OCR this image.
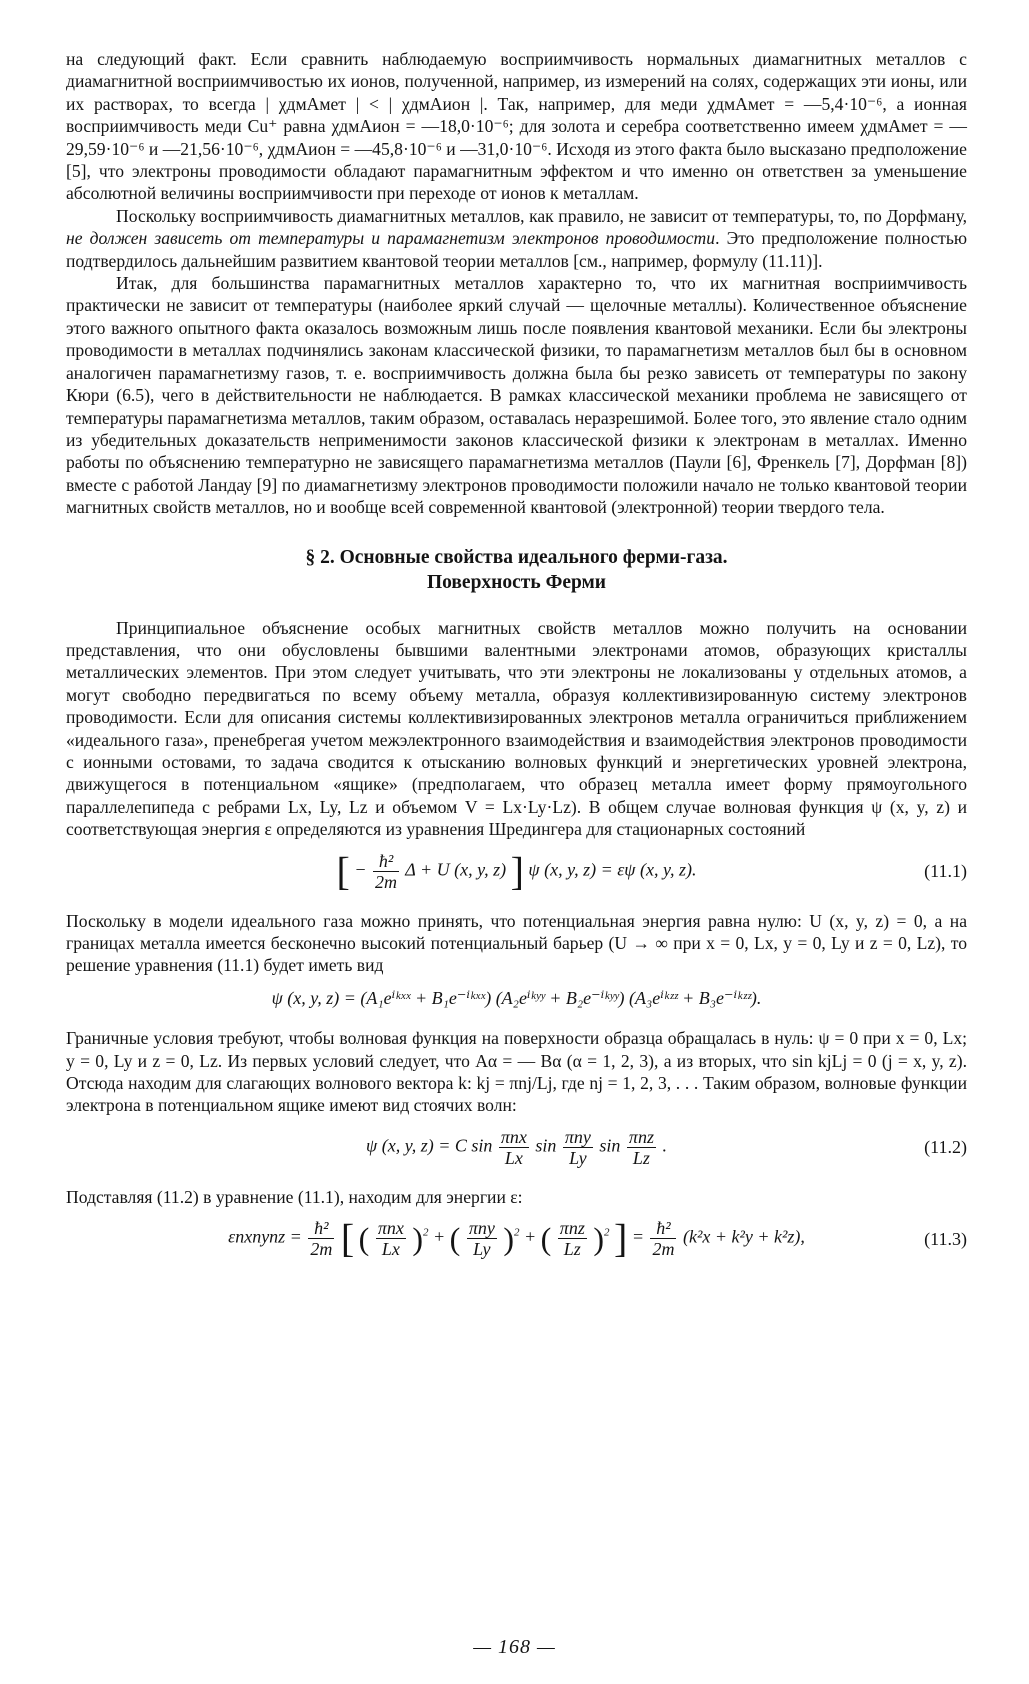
на следующий факт. Если сравнить наблюдаемую восприимчивость нормальных диамагнитных металлов с диамагнитной восприимчивостью их ионов, полученной, например, из измерений на солях, содержащих эти ионы, или их растворах, то всегда | χдмAмет | < | χдмAион |. Так, например, для меди χдмAмет = —5,4·10⁻⁶, а ионная восприимчивость меди Cu⁺ равна χдмAион = —18,0·10⁻⁶; для золота и серебра соответственно имеем χдмAмет = —29,59·10⁻⁶ и —21,56·10⁻⁶, χдмAион = —45,8·10⁻⁶ и —31,0·10⁻⁶. Исходя из этого факта было высказано предположение [5], что электроны проводимости обладают парамагнитным эффектом и что именно он ответствен за уменьшение абсолютной величины восприимчивости при переходе от ионов к металлам.

Поскольку восприимчивость диамагнитных металлов, как правило, не зависит от температуры, то, по Дорфману, не должен зависеть от температуры и парамагнетизм электронов проводимости. Это предположение полностью подтвердилось дальнейшим развитием квантовой теории металлов [см., например, формулу (11.11)].

Итак, для большинства парамагнитных металлов характерно то, что их магнитная восприимчивость практически не зависит от температуры (наиболее яркий случай — щелочные металлы). Количественное объяснение этого важного опытного факта оказалось возможным лишь после появления квантовой механики. Если бы электроны проводимости в металлах подчинялись законам классической физики, то парамагнетизм металлов был бы в основном аналогичен парамагнетизму газов, т. е. восприимчивость должна была бы резко зависеть от температуры по закону Кюри (6.5), чего в действительности не наблюдается. В рамках классической механики проблема не зависящего от температуры парамагнетизма металлов, таким образом, оставалась неразрешимой. Более того, это явление стало одним из убедительных доказательств неприменимости законов классической физики к электронам в металлах. Именно работы по объяснению температурно не зависящего парамагнетизма металлов (Паули [6], Френкель [7], Дорфман [8]) вместе с работой Ландау [9] по диамагнетизму электронов проводимости положили начало не только квантовой теории магнитных свойств металлов, но и вообще всей современной квантовой (электронной) теории твердого тела.

§ 2. Основные свойства идеального ферми-газа.
Поверхность Ферми

Принципиальное объяснение особых магнитных свойств металлов можно получить на основании представления, что они обусловлены бывшими валентными электронами атомов, образующих кристаллы металлических элементов. При этом следует учитывать, что эти электроны не локализованы у отдельных атомов, а могут свободно передвигаться по всему объему металла, образуя коллективизированную систему электронов проводимости. Если для описания системы коллективизированных электронов металла ограничиться приближением «идеального газа», пренебрегая учетом межэлектронного взаимодействия и взаимодействия электронов проводимости с ионными остовами, то задача сводится к отысканию волновых функций и энергетических уровней электрона, движущегося в потенциальном «ящике» (предполагаем, что образец металла имеет форму прямоугольного параллелепипеда с ребрами Lx, Ly, Lz и объемом V = Lx·Ly·Lz). В общем случае волновая функция ψ (x, y, z) и соответствующая энергия ε определяются из уравнения Шредингера для стационарных состояний

[ − $\frac{\text{ħ²}}{2m}$ Δ + U (x, y, z) ] ψ (x, y, z) = εψ (x, y, z).	(11.1)

Поскольку в модели идеального газа можно принять, что потенциальная энергия равна нулю: U (x, y, z) = 0, а на границах металла имеется бесконечно высокий потенциальный барьер (U → ∞ при x = 0, Lx, y = 0, Ly и z = 0, Lz), то решение уравнения (11.1) будет иметь вид

ψ (x, y, z) = (A₁eⁱᵏˣˣ + B₁e⁻ⁱᵏˣˣ) (A₂eⁱᵏʸʸ + B₂e⁻ⁱᵏʸʸ) (A₃eⁱᵏᶻᶻ + B₃e⁻ⁱᵏᶻᶻ).

Граничные условия требуют, чтобы волновая функция на поверхности образца обращалась в нуль: ψ = 0 при x = 0, Lx; y = 0, Ly и z = 0, Lz. Из первых условий следует, что Aα = — Bα (α = 1, 2, 3), а из вторых, что sin kjLj = 0 (j = x, y, z). Отсюда находим для слагающих волнового вектора k: kj = πnj/Lj, где nj = 1, 2, 3, . . . Таким образом, волновые функции электрона в потенциальном ящике имеют вид стоячих волн:

ψ (x, y, z) = C $\sin \frac{\text{πnx}}{Lx}$ $\sin \frac{\text{πny}}{Ly}$ $\sin \frac{\text{πnz}}{Lz}$ .	(11.2)

Подставляя (11.2) в уравнение (11.1), находим для энергии ε:

εnxnynz = $\frac{\text{ħ²}}{2m}$ [ ( $\frac{\text{πnx}}{Lx} )^2$ + ( $\frac{\text{πny}}{Ly} )^2$ + ( $\frac{\text{πnz}}{Lz} )^2$ ] = $\frac{\text{ħ²}}{2m} (k^2x + k^2y + k^2z)$,	(11.3)
— 168 —
